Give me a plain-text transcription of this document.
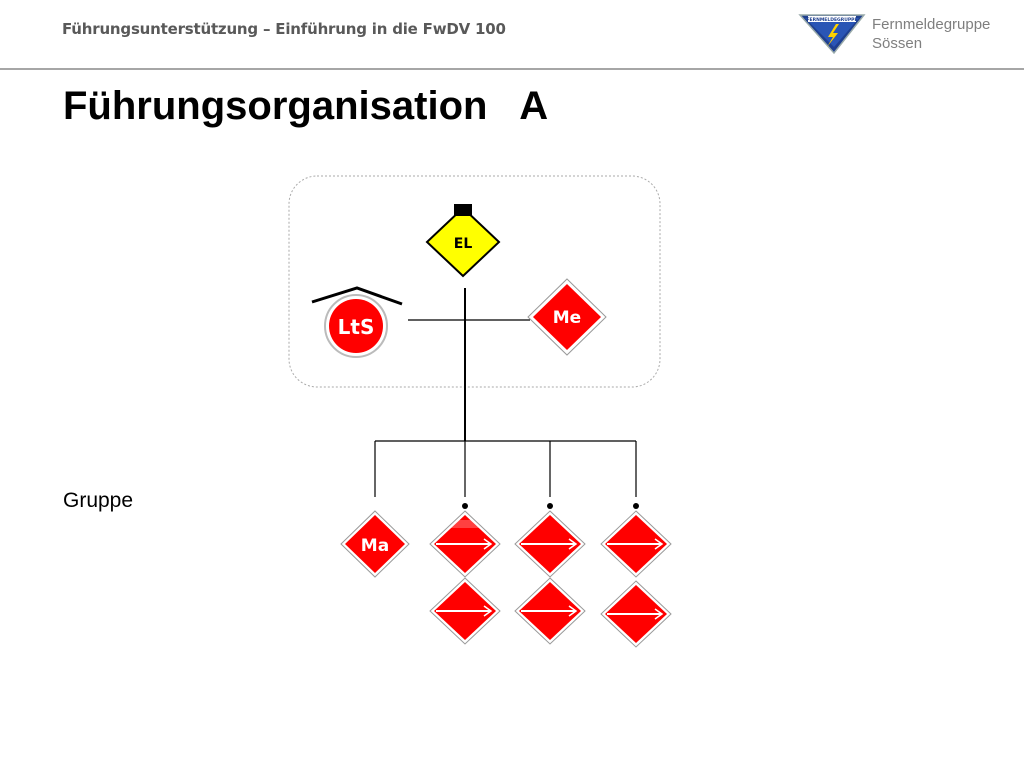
Führungsunterstützung – Einführung in die FwDV 100	FERNMELDEGRUPPE Fernmeldegruppe
Sössen
Führungsorganisation   A
Gruppe
EL
LtS	Me
Ma
